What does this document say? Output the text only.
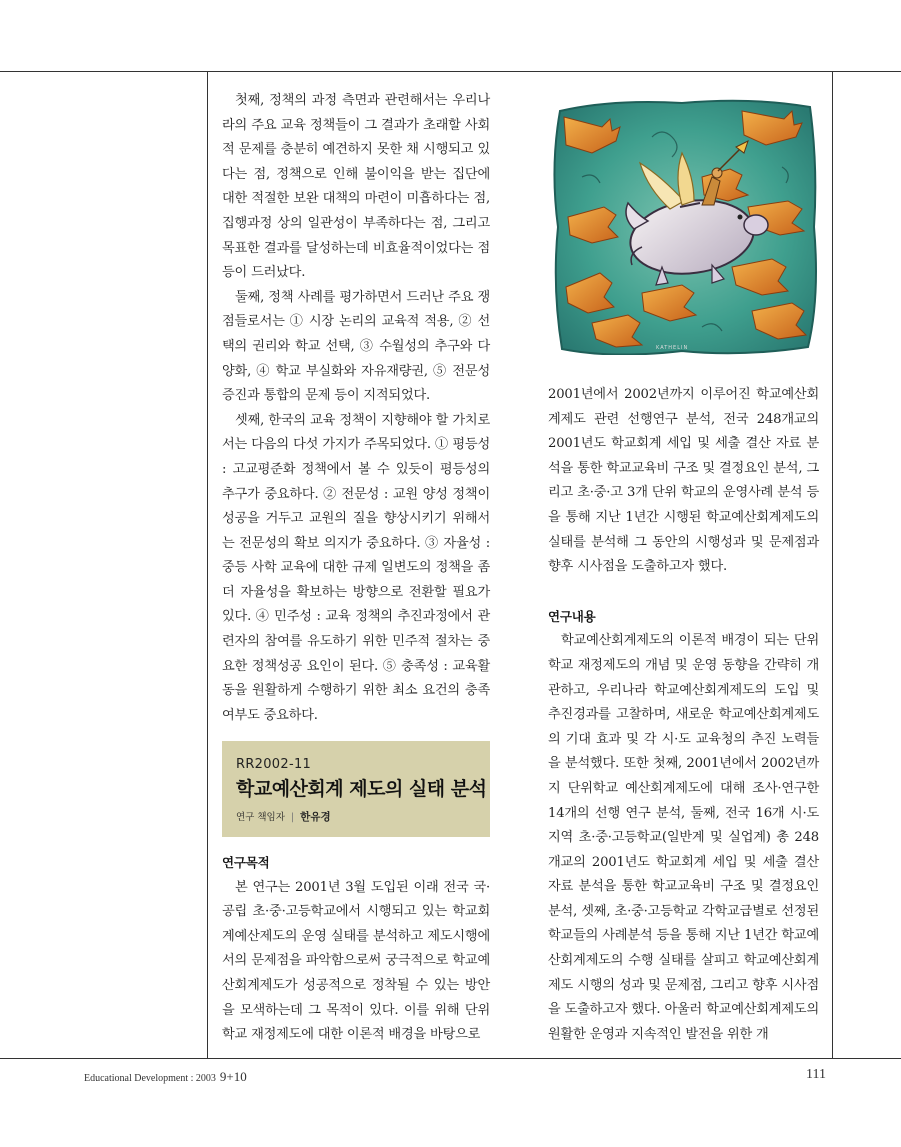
첫째, 정책의 과정 측면과 관련해서는 우리나라의 주요 교육 정책들이 그 결과가 초래할 사회적 문제를 충분히 예견하지 못한 채 시행되고 있다는 점, 정책으로 인해 불이익을 받는 집단에 대한 적절한 보완 대책의 마련이 미흡하다는 점, 집행과정 상의 일관성이 부족하다는 점, 그리고 목표한 결과를 달성하는데 비효율적이었다는 점 등이 드러났다.

둘째, 정책 사례를 평가하면서 드러난 주요 쟁점들로서는 ① 시장 논리의 교육적 적용, ② 선택의 권리와 학교 선택, ③ 수월성의 추구와 다양화, ④ 학교 부실화와 자유재량권, ⑤ 전문성 증진과 통합의 문제 등이 지적되었다.

셋째, 한국의 교육 정책이 지향해야 할 가치로서는 다음의 다섯 가지가 주목되었다. ① 평등성 : 고교평준화 정책에서 볼 수 있듯이 평등성의 추구가 중요하다. ② 전문성 : 교원 양성 정책이 성공을 거두고 교원의 질을 향상시키기 위해서는 전문성의 확보 의지가 중요하다. ③ 자율성 : 중등 사학 교육에 대한 규제 일변도의 정책을 좀더 자율성을 확보하는 방향으로 전환할 필요가 있다. ④ 민주성 : 교육 정책의 추진과정에서 관련자의 참여를 유도하기 위한 민주적 절차는 중요한 정책성공 요인이 된다. ⑤ 충족성 : 교육활동을 원활하게 수행하기 위한 최소 요건의 충족 여부도 중요하다.

RR2002-11
학교예산회계 제도의 실태 분석
연구 책임자 | 한유경

연구목적

본 연구는 2001년 3월 도입된 이래 전국 국·공립 초·중·고등학교에서 시행되고 있는 학교회계예산제도의 운영 실태를 분석하고 제도시행에서의 문제점을 파악함으로써 궁극적으로 학교예산회계제도가 성공적으로 정착될 수 있는 방안을 모색하는데 그 목적이 있다. 이를 위해 단위학교 재정제도에 대한 이론적 배경을 바탕으로

KATHELIN

2001년에서 2002년까지 이루어진 학교예산회계제도 관련 선행연구 분석, 전국 248개교의 2001년도 학교회계 세입 및 세출 결산 자료 분석을 통한 학교교육비 구조 및 결정요인 분석, 그리고 초·중·고 3개 단위 학교의 운영사례 분석 등을 통해 지난 1년간 시행된 학교예산회계제도의 실태를 분석해 그 동안의 시행성과 및 문제점과 향후 시사점을 도출하고자 했다.

연구내용

학교예산회계제도의 이론적 배경이 되는 단위학교 재정제도의 개념 및 운영 동향을 간략히 개관하고, 우리나라 학교예산회계제도의 도입 및 추진경과를 고찰하며, 새로운 학교예산회계제도의 기대 효과 및 각 시·도 교육청의 추진 노력들을 분석했다. 또한 첫째, 2001년에서 2002년까지 단위학교 예산회계제도에 대해 조사·연구한 14개의 선행 연구 분석, 둘째, 전국 16개 시·도 지역 초·중·고등학교(일반계 및 실업계) 총 248개교의 2001년도 학교회계 세입 및 세출 결산 자료 분석을 통한 학교교육비 구조 및 결정요인 분석, 셋째, 초·중·고등학교 각학교급별로 선정된 학교들의 사례분석 등을 통해 지난 1년간 학교예산회계제도의 수행 실태를 살피고 학교예산회계제도 시행의 성과 및 문제점, 그리고 향후 시사점을 도출하고자 했다. 아울러 학교예산회계제도의 원활한 운영과 지속적인 발전을 위한 개

Educational Development : 2003 9+10	111
